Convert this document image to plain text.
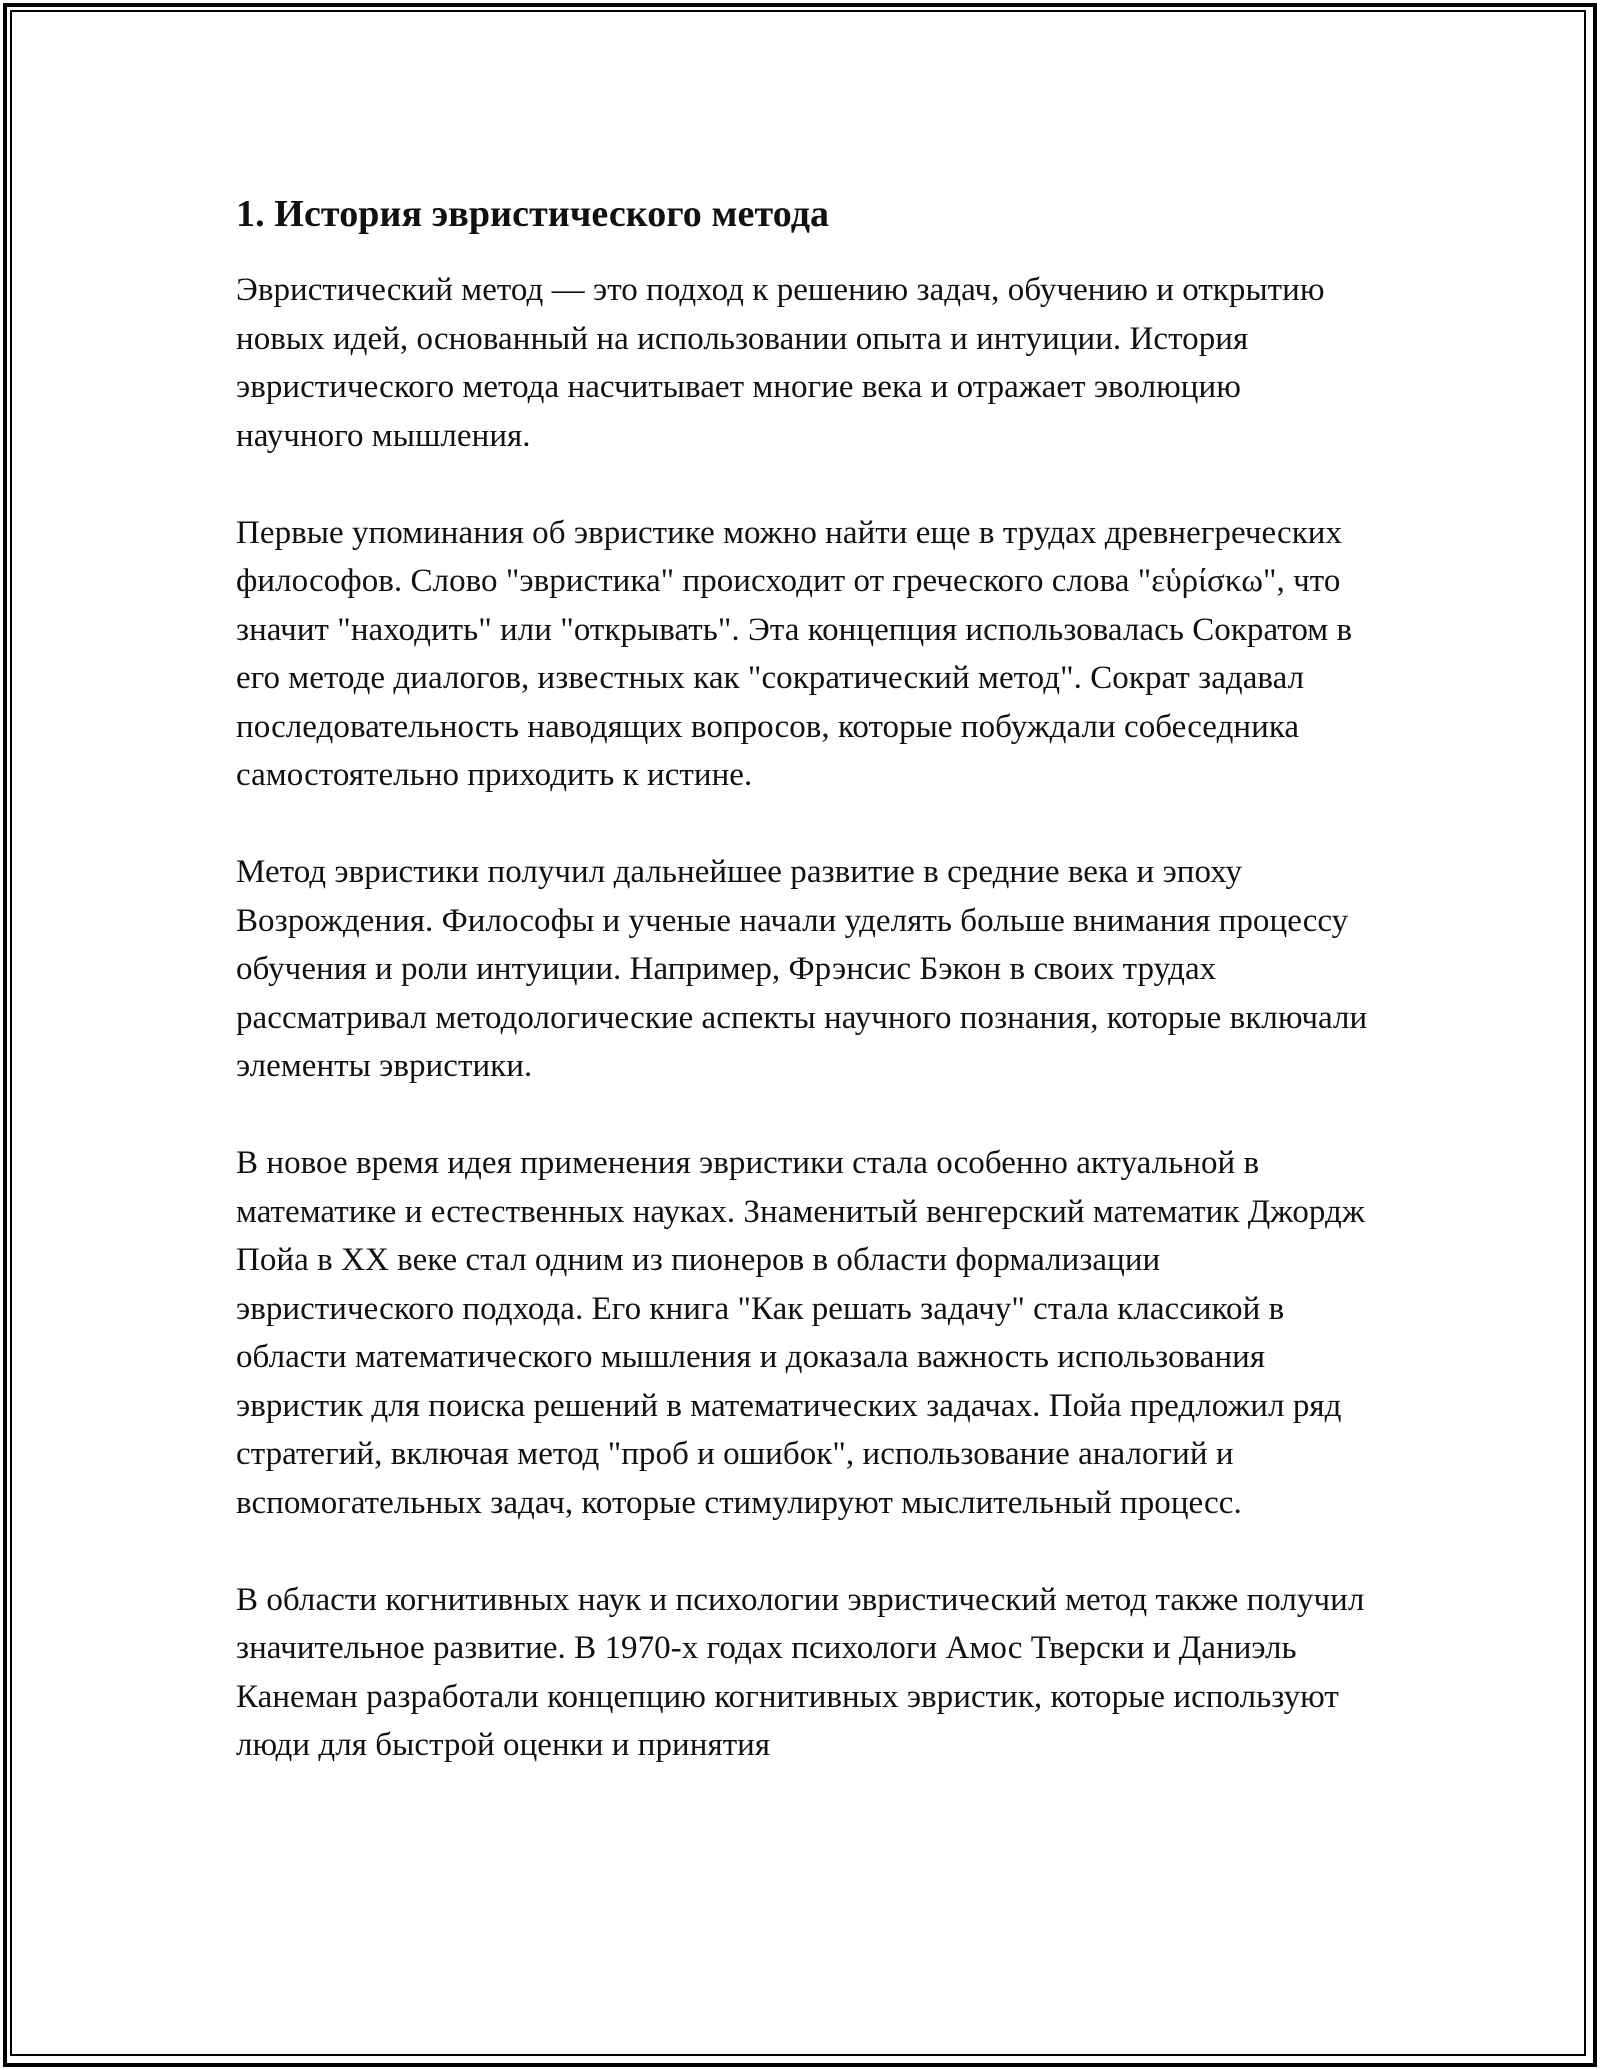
1. История эвристического метода

Эвристический метод — это подход к решению задач, обучению и открытию новых идей, основанный на использовании опыта и интуиции. История эвристического метода насчитывает многие века и отражает эволюцию научного мышления.

Первые упоминания об эвристике можно найти еще в трудах древнегреческих философов. Слово "эвристика" происходит от греческого слова "εὑρίσκω", что значит "находить" или "открывать". Эта концепция использовалась Сократом в его методе диалогов, известных как "сократический метод". Сократ задавал последовательность наводящих вопросов, которые побуждали собеседника самостоятельно приходить к истине.

Метод эвристики получил дальнейшее развитие в средние века и эпоху Возрождения. Философы и ученые начали уделять больше внимания процессу обучения и роли интуиции. Например, Фрэнсис Бэкон в своих трудах рассматривал методологические аспекты научного познания, которые включали элементы эвристики.

В новое время идея применения эвристики стала особенно актуальной в математике и естественных науках. Знаменитый венгерский математик Джордж Пойа в XX веке стал одним из пионеров в области формализации эвристического подхода. Его книга "Как решать задачу" стала классикой в области математического мышления и доказала важность использования эвристик для поиска решений в математических задачах. Пойа предложил ряд стратегий, включая метод "проб и ошибок", использование аналогий и вспомогательных задач, которые стимулируют мыслительный процесс.

В области когнитивных наук и психологии эвристический метод также получил значительное развитие. В 1970-х годах психологи Амос Тверски и Даниэль Канеман разработали концепцию когнитивных эвристик, которые используют люди для быстрой оценки и принятия
